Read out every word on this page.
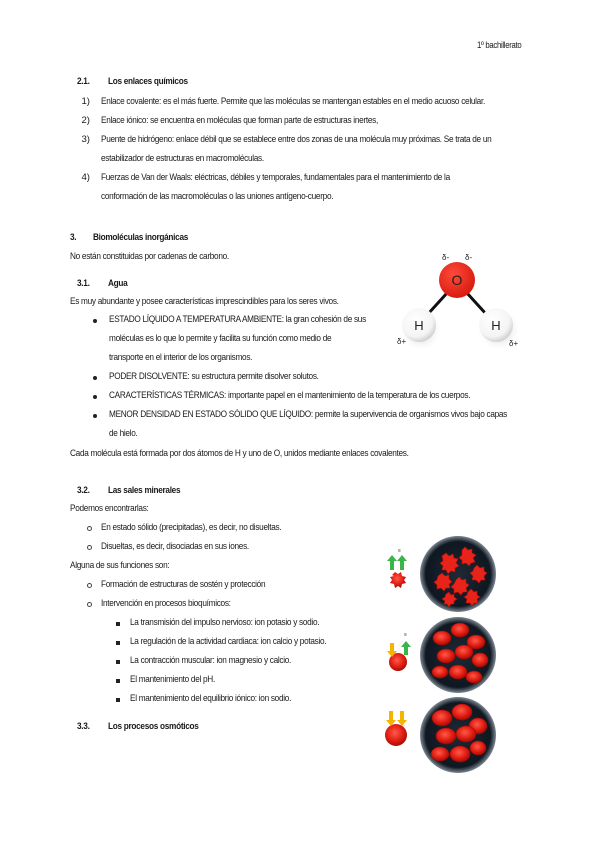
1º bachillerato
2.1. Los enlaces químicos
1) Enlace covalente: es el más fuerte. Permite que las moléculas se mantengan estables en el medio acuoso celular.
2) Enlace iónico: se encuentra en moléculas que forman parte de estructuras inertes,
3) Puente de hidrógeno: enlace débil que se establece entre dos zonas de una molécula muy próximas. Se trata de un
estabilizador de estructuras en macromoléculas.
4) Fuerzas de Van der Waals: eléctricas, débiles y temporales, fundamentales para el mantenimiento de la
conformación de las macromoléculas o las uniones antígeno-cuerpo.
3. Biomoléculas inorgánicas
No están constituidas por cadenas de carbono.
3.1. Agua
Es muy abundante y posee características imprescindibles para los seres vivos.
ESTADO LÍQUIDO A TEMPERATURA AMBIENTE: la gran cohesión de sus
moléculas es lo que lo permite y facilita su función como medio de
transporte en el interior de los organismos.
PODER DISOLVENTE: su estructura permite disolver solutos.
CARACTERÍSTICAS TÉRMICAS: importante papel en el mantenimiento de la temperatura de los cuerpos.
MENOR DENSIDAD EN ESTADO SÓLIDO QUE LÍQUIDO: permite la supervivencia de organismos vivos bajo capas
de hielo.
Cada molécula está formada por dos átomos de H y uno de O, unidos mediante enlaces covalentes.
O
H	H
δ- δ-
δ+	δ+
3.2. Las sales minerales
Podemos encontrarlas:
En estado sólido (precipitadas), es decir, no disueltas.
Disueltas, es decir, disociadas en sus iones.
Alguna de sus funciones son:
Formación de estructuras de sostén y protección
Intervención en procesos bioquímicos:
La transmisión del impulso nervioso: ion potasio y sodio.
La regulación de la actividad cardiaca: ion calcio y potasio.
La contracción muscular: ion magnesio y calcio.
El mantenimiento del pH.
El mantenimiento del equilibrio iónico: ion sodio.
3.3. Los procesos osmóticos
≡
≡
